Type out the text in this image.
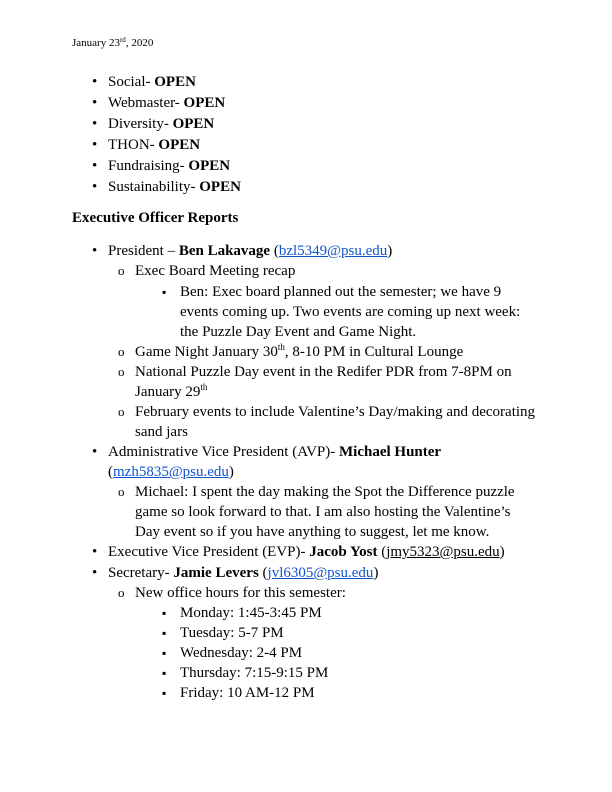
January 23rd, 2020
•
Social- OPEN
•
Webmaster- OPEN
•
Diversity- OPEN
•
THON- OPEN
•
Fundraising- OPEN
•
Sustainability- OPEN
Executive Officer Reports
•
President – Ben Lakavage (bzl5349@psu.edu)
o
Exec Board Meeting recap
▪
Ben: Exec board planned out the semester; we have 9
events coming up. Two events are coming up next week:
the Puzzle Day Event and Game Night.
o
Game Night January 30th, 8-10 PM in Cultural Lounge
o
National Puzzle Day event in the Redifer PDR from 7-8PM on
January 29th
o
February events to include Valentine’s Day/making and decorating
sand jars
•
Administrative Vice President (AVP)- Michael Hunter
(mzh5835@psu.edu)
o
Michael: I spent the day making the Spot the Difference puzzle
game so look forward to that. I am also hosting the Valentine’s
Day event so if you have anything to suggest, let me know.
•
Executive Vice President (EVP)- Jacob Yost (jmy5323@psu.edu)
•
Secretary- Jamie Levers (jvl6305@psu.edu)
o
New office hours for this semester:
▪
Monday: 1:45-3:45 PM
▪
Tuesday: 5-7 PM
▪
Wednesday: 2-4 PM
▪
Thursday: 7:15-9:15 PM
▪
Friday: 10 AM-12 PM
